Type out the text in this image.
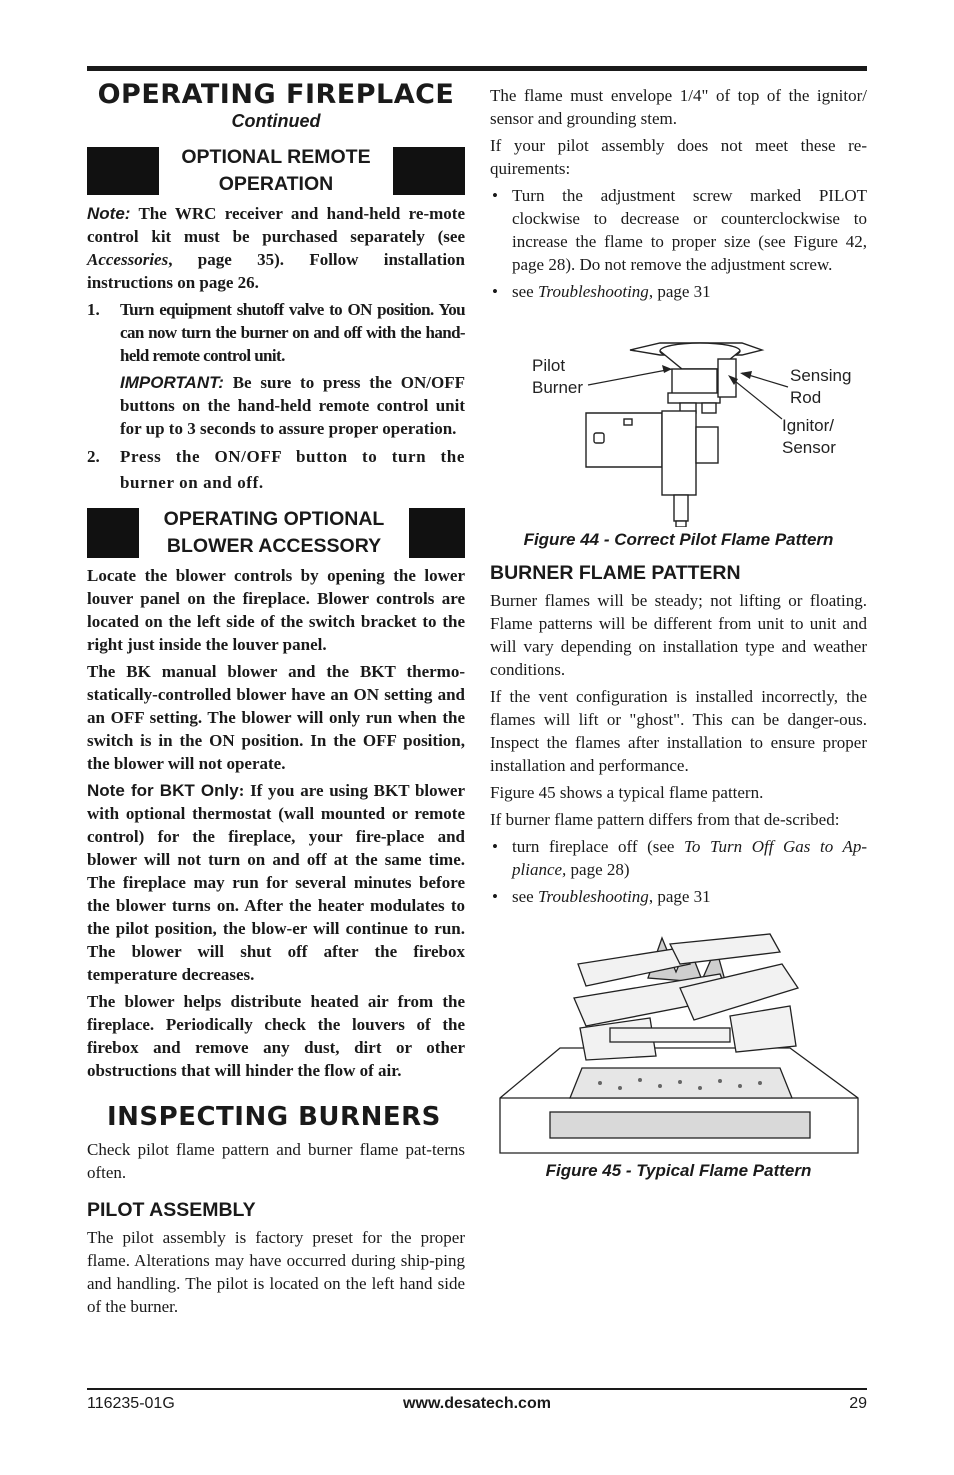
OPERATING FIREPLACE
Continued
OPTIONAL REMOTE
OPERATION

Note: The WRC receiver and hand-held re-mote control kit must be purchased separately (see Accessories, page 35). Follow installation instructions on page 26.

1. Turn equipment shutoff valve to ON position. You can now turn the burner on and off with the hand-held remote control unit.
IMPORTANT: Be sure to press the ON/OFF buttons on the hand-held remote control unit for up to 3 seconds to assure proper operation.
2. Press the ON/OFF button to turn the burner on and off.
OPERATING OPTIONAL
BLOWER ACCESSORY

Locate the blower controls by opening the lower louver panel on the fireplace. Blower controls are located on the left side of the switch bracket to the right just inside the louver panel.

The BK manual blower and the BKT thermo-statically-controlled blower have an ON setting and an OFF setting. The blower will only run when the switch is in the ON position. In the OFF position, the blower will not operate.

Note for BKT Only: If you are using BKT blower with optional thermostat (wall mounted or remote control) for the fireplace, your fire-place and blower will not turn on and off at the same time. The fireplace may run for several minutes before the blower turns on. After the heater modulates to the pilot position, the blow-er will continue to run. The blower will shut off after the firebox temperature decreases.

The blower helps distribute heated air from the fireplace. Periodically check the louvers of the firebox and remove any dust, dirt or other obstructions that will hinder the flow of air.

INSPECTING BURNERS

Check pilot flame pattern and burner flame pat-terns often.

PILOT ASSEMBLY

The pilot assembly is factory preset for the proper flame. Alterations may have occurred during ship-ping and handling. The pilot is located on the left hand side of the burner.

The flame must envelope 1/4" of top of the ignitor/ sensor and grounding stem.

If your pilot assembly does not meet these re-quirements:

• Turn the adjustment screw marked PILOT clockwise to decrease or counterclockwise to increase the flame to proper size (see Figure 42, page 28). Do not remove the adjustment screw.
• see Troubleshooting, page 31
Pilot
Burner
Sensing
Rod
Ignitor/
Sensor
Figure 44 - Correct Pilot Flame Pattern
BURNER FLAME PATTERN

Burner flames will be steady; not lifting or floating. Flame patterns will be different from unit to unit and will vary depending on installation type and weather conditions.

If the vent configuration is installed incorrectly, the flames will lift or "ghost". This can be danger-ous. Inspect the flames after installation to ensure proper installation and performance.

Figure 45 shows a typical flame pattern.

If burner flame pattern differs from that de-scribed:

• turn fireplace off (see To Turn Off Gas to Ap-pliance, page 28)
• see Troubleshooting, page 31
Figure 45 - Typical Flame Pattern
116235-01G	www.desatech.com	29
